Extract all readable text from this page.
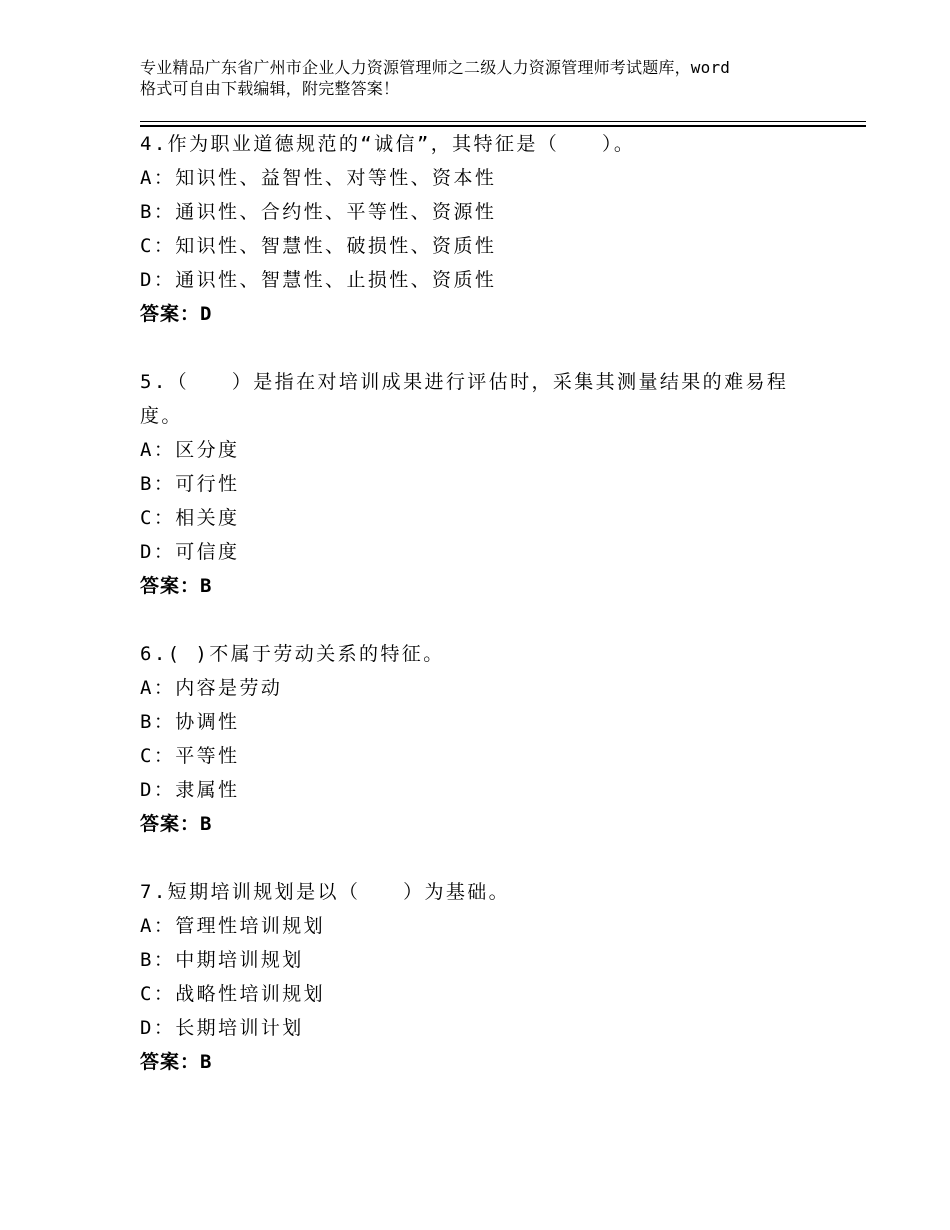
专业精品广东省广州市企业人力资源管理师之二级人力资源管理师考试题库，word
格式可自由下载编辑，附完整答案！
4.作为职业道德规范的“诚信”，其特征是（　　）。
A：知识性、益智性、对等性、资本性
B：通识性、合约性、平等性、资源性
C：知识性、智慧性、破损性、资质性
D：通识性、智慧性、止损性、资质性
答案：D
5.（　　）是指在对培训成果进行评估时，采集其测量结果的难易程
度。
A：区分度
B：可行性
C：相关度
D：可信度
答案：B
6.( )不属于劳动关系的特征。
A：内容是劳动
B：协调性
C：平等性
D：隶属性
答案：B
7.短期培训规划是以（　　）为基础。
A：管理性培训规划
B：中期培训规划
C：战略性培训规划
D：长期培训计划
答案：B
